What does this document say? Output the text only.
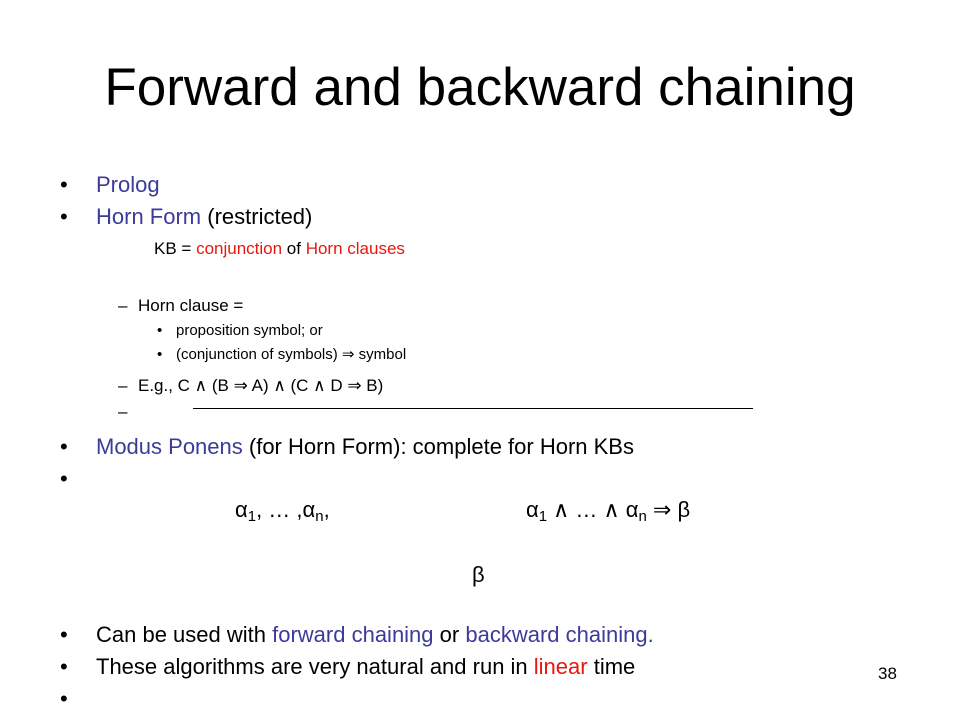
Forward and backward chaining
• Prolog
• Horn Form (restricted)
KB = conjunction of Horn clauses
– Horn clause =
• proposition symbol; or
• (conjunction of symbols) ⇒ symbol
– E.g., C ∧ (B ⇒ A) ∧ (C ∧ D ⇒ B)
–
• Modus Ponens (for Horn Form): complete for Horn KBs
•
$\alpha_1$, … $,\alpha_n$,	$\alpha_1$ ∧ … ∧ $\alpha_n$ ⇒ β
β
• Can be used with forward chaining or backward chaining.
• These algorithms are very natural and run in linear time
•
38
